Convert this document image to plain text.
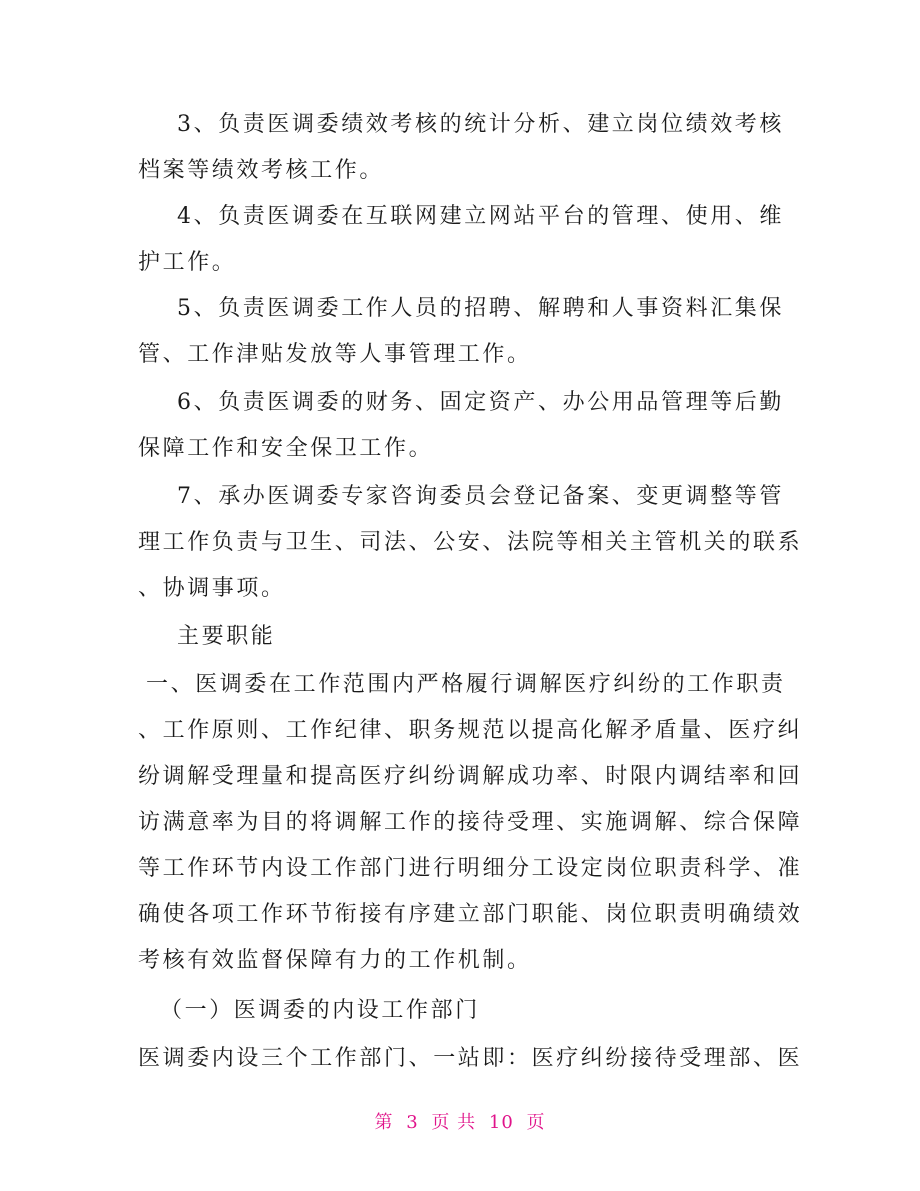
3、负责医调委绩效考核的统计分析、建立岗位绩效考核
档案等绩效考核工作。
4、负责医调委在互联网建立网站平台的管理、使用、维
护工作。
5、负责医调委工作人员的招聘、解聘和人事资料汇集保
管、工作津贴发放等人事管理工作。
6、负责医调委的财务、固定资产、办公用品管理等后勤
保障工作和安全保卫工作。
7、承办医调委专家咨询委员会登记备案、变更调整等管
理工作负责与卫生、司法、公安、法院等相关主管机关的联系
、协调事项。
主要职能
一、医调委在工作范围内严格履行调解医疗纠纷的工作职责
、工作原则、工作纪律、职务规范以提高化解矛盾量、医疗纠
纷调解受理量和提高医疗纠纷调解成功率、时限内调结率和回
访满意率为目的将调解工作的接待受理、实施调解、综合保障
等工作环节内设工作部门进行明细分工设定岗位职责科学、准
确使各项工作环节衔接有序建立部门职能、岗位职责明确绩效
考核有效监督保障有力的工作机制。
（一）医调委的内设工作部门
医调委内设三个工作部门、一站即：医疗纠纷接待受理部、医
第 3 页 共 10 页
